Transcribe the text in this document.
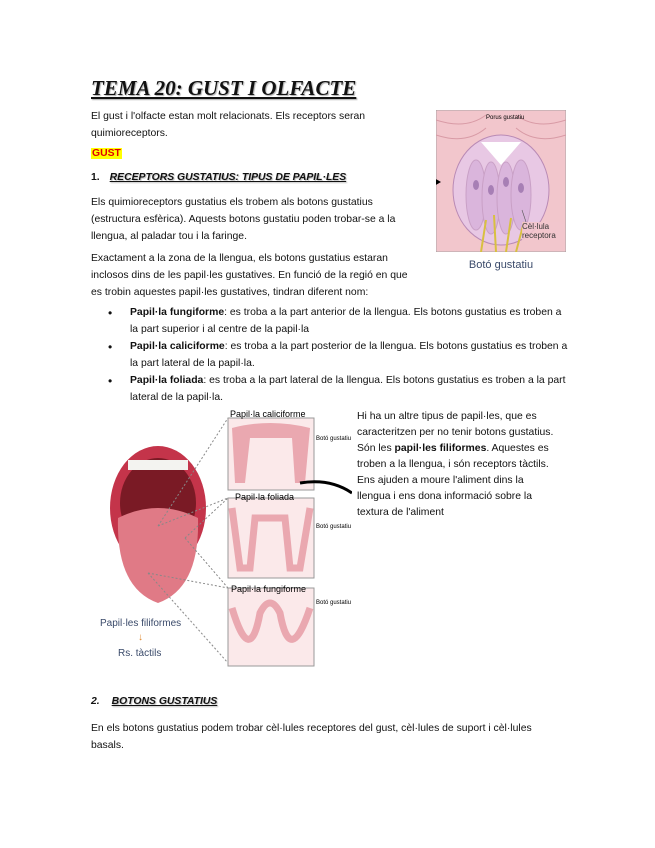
TEMA 20: GUST I OLFACTE

El gust i l'olfacte estan molt relacionats. Els receptors seran quimioreceptors.

GUST
1. RECEPTORS GUSTATIUS: TIPUS DE PAPIL·LES

Els quimioreceptors gustatius els trobem als botons gustatius (estructura esfèrica). Aquests botons gustatiu poden trobar-se a la llengua, al paladar tou i la faringe.

Exactament a la zona de la llengua, els botons gustatius estaran inclosos dins de les papil·les gustatives. En funció de la regió en que es trobin aquestes papil·les gustatives, tindran diferent nom:

• Papil·la fungiforme: es troba a la part anterior de la llengua. Els botons gustatius es troben a la part superior i al centre de la papil·la
• Papil·la caliciforme: es troba a la part posterior de la llengua. Els botons gustatius es troben a la part lateral de la papil·la.
• Papil·la foliada: es troba a la part lateral de la llengua. Els botons gustatius es troben a la part lateral de la papil·la.

Hi ha un altre tipus de papil·les, que es caracteritzen per no tenir botons gustatius. Són les papil·les filiformes. Aquestes es troben a la llengua, i són receptors tàctils. Ens ajuden a moure l'aliment dins la llengua i ens dona informació sobre la textura de l'aliment

Porus gustatiu
Cèl·lula receptora
Botó gustatiu
Papil·la caliciforme
Papil·la foliada
Papil·la fungiforme
Botó gustatiu
Botó gustatiu
Botó gustatiu
Papil·les filiformes
↓
Rs. tàctils
2. BOTONS GUSTATIUS

En els botons gustatius podem trobar cèl·lules receptores del gust, cèl·lules de suport i cèl·lules basals.
